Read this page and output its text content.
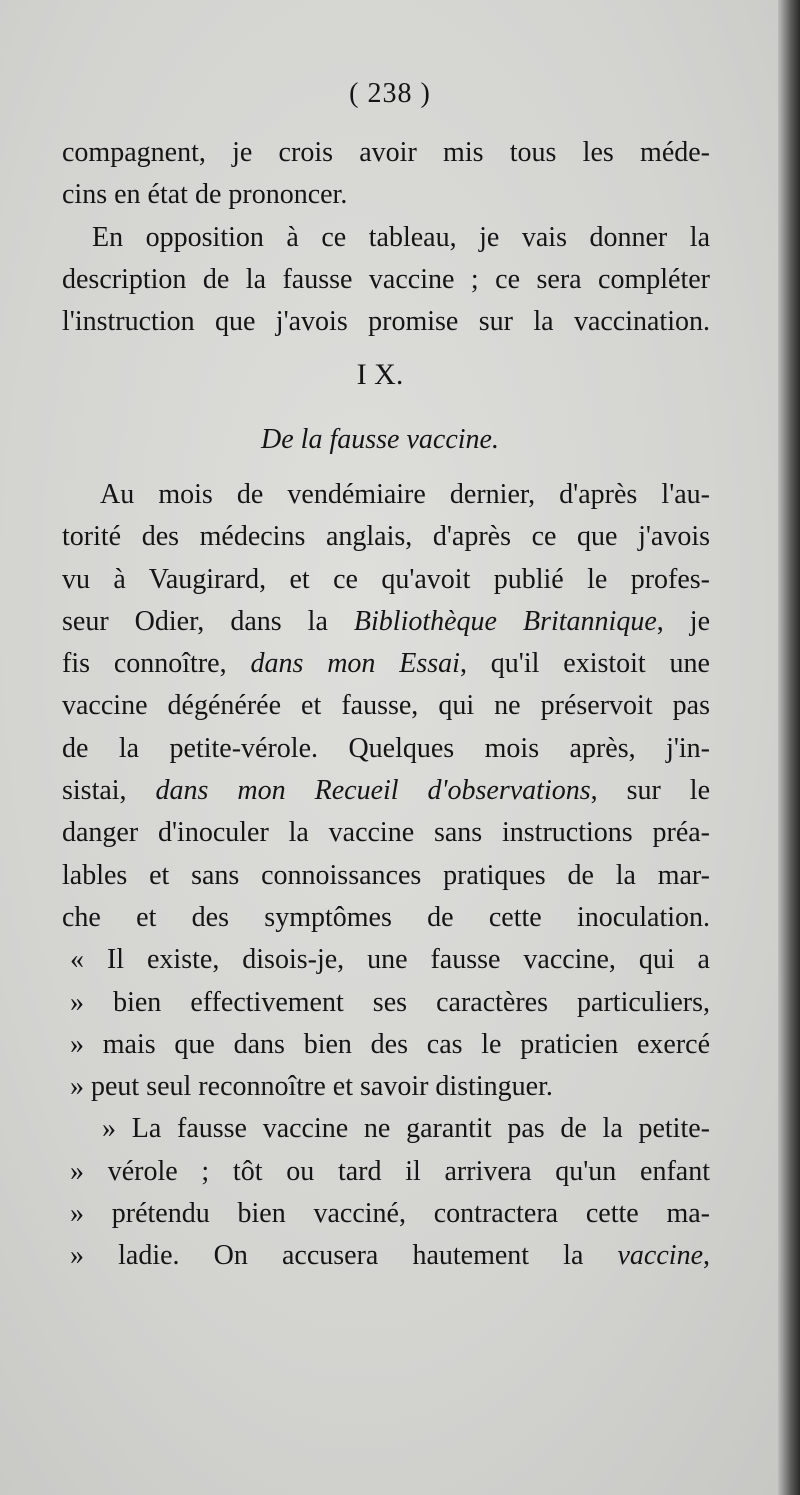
( 238 )
compagnent, je crois avoir mis tous les méde-
cins en état de prononcer.
En opposition à ce tableau, je vais donner la
description de la fausse vaccine ; ce sera compléter
l'instruction que j'avois promise sur la vaccination.
I X.
De la fausse vaccine.
Au mois de vendémiaire dernier, d'après l'au-
torité des médecins anglais, d'après ce que j'avois
vu à Vaugirard, et ce qu'avoit publié le profes-
seur Odier, dans la Bibliothèque Britannique, je
fis connoître, dans mon Essai, qu'il existoit une
vaccine dégénérée et fausse, qui ne préservoit pas
de la petite-vérole. Quelques mois après, j'in-
sistai, dans mon Recueil d'observations, sur le
danger d'inoculer la vaccine sans instructions préa-
lables et sans connoissances pratiques de la mar-
che et des symptômes de cette inoculation.
« Il existe, disois-je, une fausse vaccine, qui a
» bien effectivement ses caractères particuliers,
» mais que dans bien des cas le praticien exercé
» peut seul reconnoître et savoir distinguer.
» La fausse vaccine ne garantit pas de la petite-
» vérole ; tôt ou tard il arrivera qu'un enfant
» prétendu bien vacciné, contractera cette ma-
» ladie. On accusera hautement la vaccine,
